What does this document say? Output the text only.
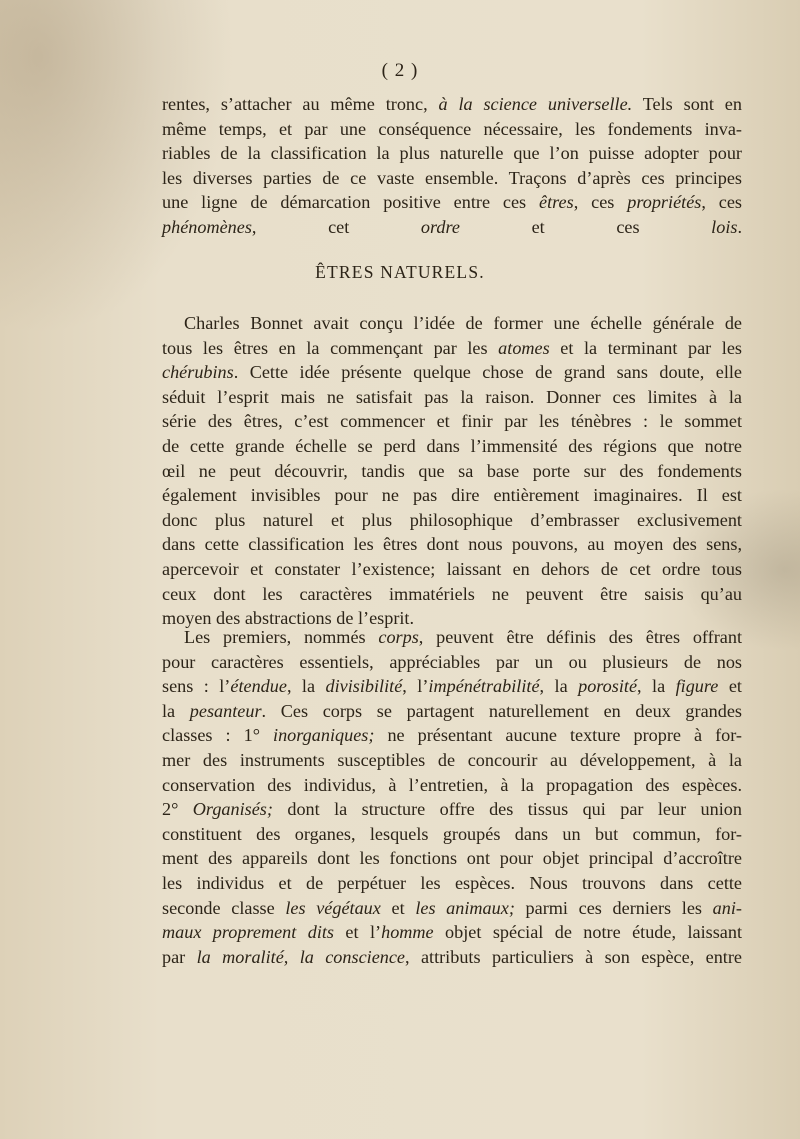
( 2 )
rentes, s’attacher au même tronc, à la science universelle. Tels sont en
même temps, et par une conséquence nécessaire, les fondements inva-
riables de la classification la plus naturelle que l’on puisse adopter pour
les diverses parties de ce vaste ensemble. Traçons d’après ces principes
une ligne de démarcation positive entre ces êtres, ces propriétés, ces
phénomènes, cet ordre et ces lois.
ÊTRES NATURELS.
Charles Bonnet avait conçu l’idée de former une échelle générale de
tous les êtres en la commençant par les atomes et la terminant par les
chérubins. Cette idée présente quelque chose de grand sans doute, elle
séduit l’esprit mais ne satisfait pas la raison. Donner ces limites à la
série des êtres, c’est commencer et finir par les ténèbres : le sommet
de cette grande échelle se perd dans l’immensité des régions que notre
œil ne peut découvrir, tandis que sa base porte sur des fondements
également invisibles pour ne pas dire entièrement imaginaires. Il est
donc plus naturel et plus philosophique d’embrasser exclusivement
dans cette classification les êtres dont nous pouvons, au moyen des sens,
apercevoir et constater l’existence; laissant en dehors de cet ordre tous
ceux dont les caractères immatériels ne peuvent être saisis qu’au
moyen des abstractions de l’esprit.
Les premiers, nommés corps, peuvent être définis des êtres offrant
pour caractères essentiels, appréciables par un ou plusieurs de nos
sens : l’étendue, la divisibilité, l’impénétrabilité, la porosité, la figure et
la pesanteur. Ces corps se partagent naturellement en deux grandes
classes : 1° inorganiques; ne présentant aucune texture propre à for-
mer des instruments susceptibles de concourir au développement, à la
conservation des individus, à l’entretien, à la propagation des espèces.
2° Organisés; dont la structure offre des tissus qui par leur union
constituent des organes, lesquels groupés dans un but commun, for-
ment des appareils dont les fonctions ont pour objet principal d’accroître
les individus et de perpétuer les espèces. Nous trouvons dans cette
seconde classe les végétaux et les animaux; parmi ces derniers les ani-
maux proprement dits et l’homme objet spécial de notre étude, laissant
par la moralité, la conscience, attributs particuliers à son espèce, entre
